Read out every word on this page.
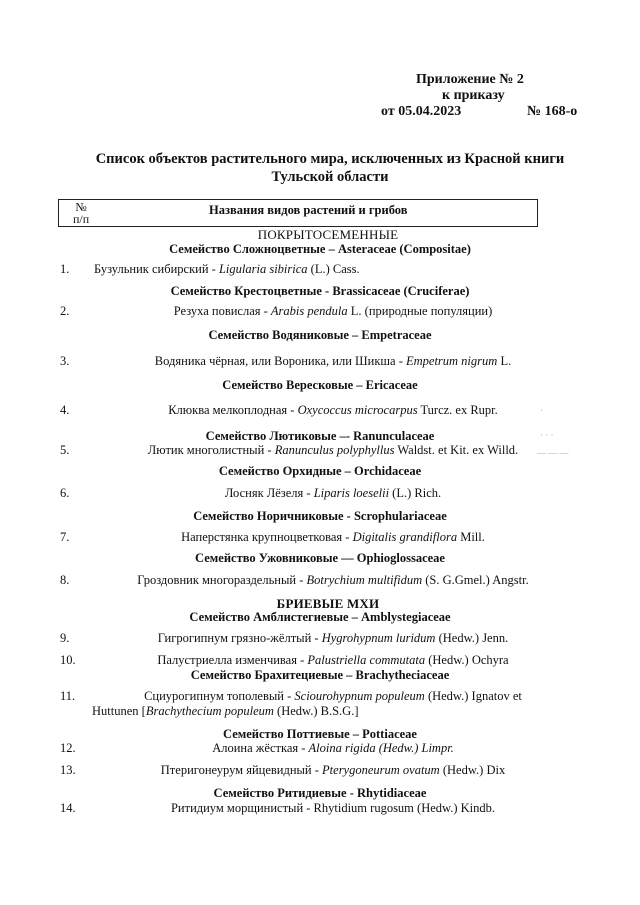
Приложение № 2
к приказу
от 05.04.2023	№ 168-о
Список объектов растительного мира, исключенных из Красной книги
Тульской области
№
п/п
Названия видов растений и грибов
ПОКРЫТОСЕМЕННЫЕ
Семейство Сложноцветные – Asteraceae (Compositae)
1.	Бузульник сибирский - Ligularia sibirica (L.) Cass.
Семейство Крестоцветные - Brassicaceae (Cruciferae)
2.	Резуха повислая - Arabis pendula L. (природные популяции)
Семейство Водяниковые – Empetraceae
3.	Водяника чёрная, или Вороника, или Шикша - Empetrum nigrum L.
Семейство Вересковые – Ericaceae
4.	Клюква мелкоплодная - Oxycoccus microcarpus Turcz. ex Rupr.
Семейство Лютиковые –- Ranunculaceae
5.	Лютик многолистный - Ranunculus polyphyllus Waldst. et Kit. ex Willd.
Семейство Орхидные – Orchidaceae
6.	Лосняк Лёзеля - Liparis loeselii (L.) Rich.
Семейство Норичниковые - Scrophulariaceae
7.	Наперстянка крупноцветковая - Digitalis grandiflora Mill.
Семейство Ужовниковые — Ophioglossaceae
8.	Гроздовник многораздельный - Botrychium multifidum (S. G.Gmel.) Angstr.
БРИЕВЫЕ МХИ
Семейство Амблистегиевые – Amblystegiaceae
9.	Гигрогипнум грязно-жёлтый - Hygrohypnum luridum (Hedw.) Jenn.
10.	Палустриелла изменчивая - Palustriella commutata (Hedw.) Ochyra
Семейство Брахитециевые – Brachytheciaceae
11.	Сциурогипнум тополевый - Sciourohypnum populeum (Hedw.) Ignatov et
Huttunen [Brachythecium populeum (Hedw.) B.S.G.]
Семейство Поттиевые – Pottiaceae
12.	Алоина жёсткая - Aloina rigida (Hedw.) Limpr.
13.	Птеригонеурум яйцевидный - Pterygoneurum ovatum (Hedw.) Dix
Семейство Ритидиевые - Rhytidiaceae
14.	Ритидиум морщинистый - Rhytidium rugosum (Hedw.) Kindb.
·
· · ·
— — —
